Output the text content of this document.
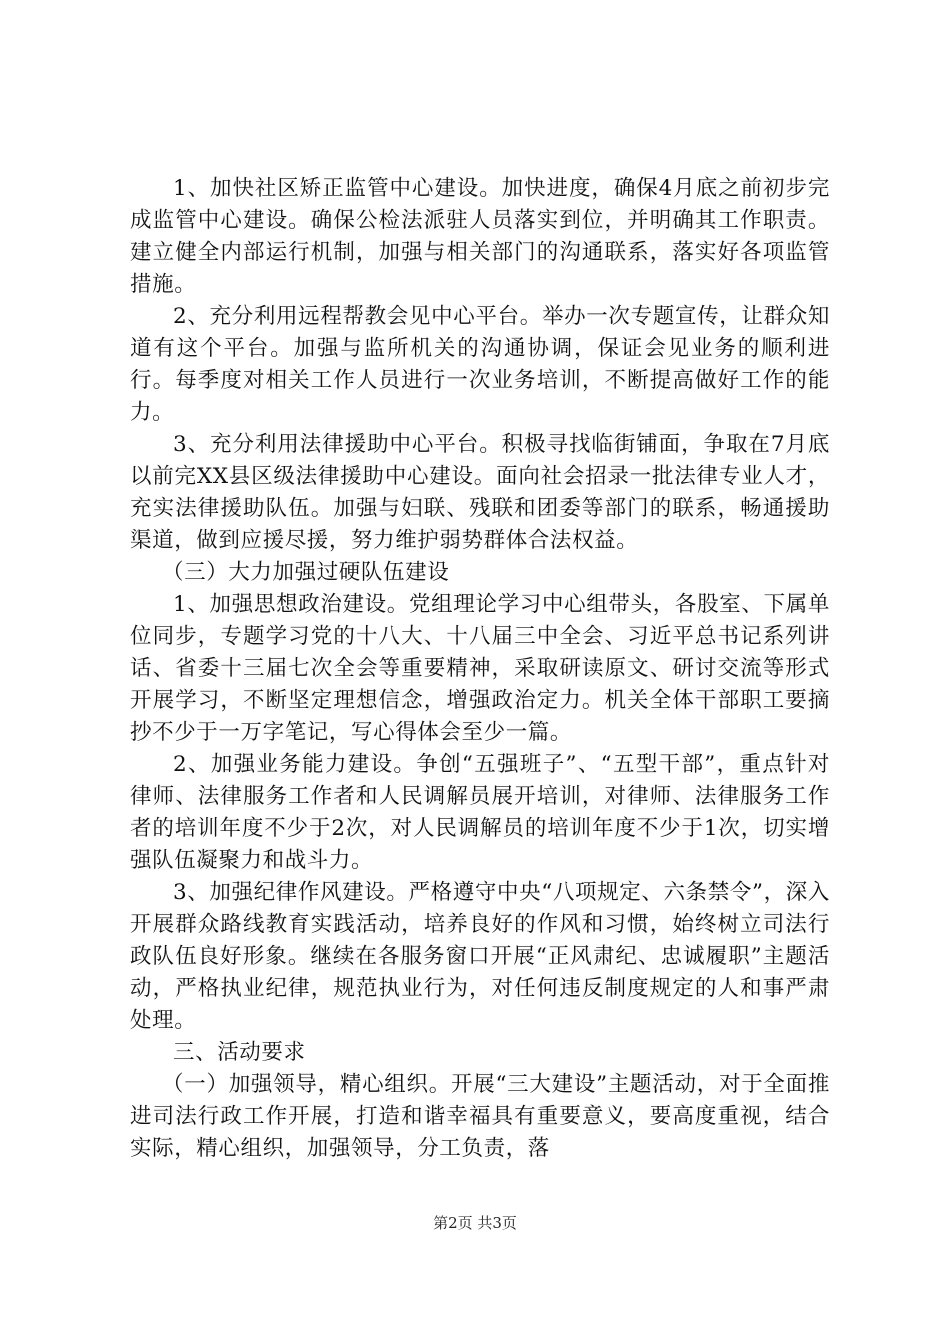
1、加快社区矫正监管中心建设。加快进度，确保4月底之前初步完成监管中心建设。确保公检法派驻人员落实到位，并明确其工作职责。建立健全内部运行机制，加强与相关部门的沟通联系，落实好各项监管措施。

2、充分利用远程帮教会见中心平台。举办一次专题宣传，让群众知道有这个平台。加强与监所机关的沟通协调，保证会见业务的顺利进行。每季度对相关工作人员进行一次业务培训，不断提高做好工作的能力。

3、充分利用法律援助中心平台。积极寻找临街铺面，争取在7月底以前完XX县区级法律援助中心建设。面向社会招录一批法律专业人才，充实法律援助队伍。加强与妇联、残联和团委等部门的联系，畅通援助渠道，做到应援尽援，努力维护弱势群体合法权益。

（三）大力加强过硬队伍建设

1、加强思想政治建设。党组理论学习中心组带头，各股室、下属单位同步，专题学习党的十八大、十八届三中全会、习近平总书记系列讲话、省委十三届七次全会等重要精神，采取研读原文、研讨交流等形式开展学习，不断坚定理想信念，增强政治定力。机关全体干部职工要摘抄不少于一万字笔记，写心得体会至少一篇。

2、加强业务能力建设。争创“五强班子”、“五型干部”，重点针对律师、法律服务工作者和人民调解员展开培训，对律师、法律服务工作者的培训年度不少于2次，对人民调解员的培训年度不少于1次，切实增强队伍凝聚力和战斗力。

3、加强纪律作风建设。严格遵守中央“八项规定、六条禁令”，深入开展群众路线教育实践活动，培养良好的作风和习惯，始终树立司法行政队伍良好形象。继续在各服务窗口开展“正风肃纪、忠诚履职”主题活动，严格执业纪律，规范执业行为，对任何违反制度规定的人和事严肃处理。

三、活动要求

（一）加强领导，精心组织。开展“三大建设”主题活动，对于全面推进司法行政工作开展，打造和谐幸福具有重要意义，要高度重视，结合实际，精心组织，加强领导，分工负责，落

第2页 共3页
